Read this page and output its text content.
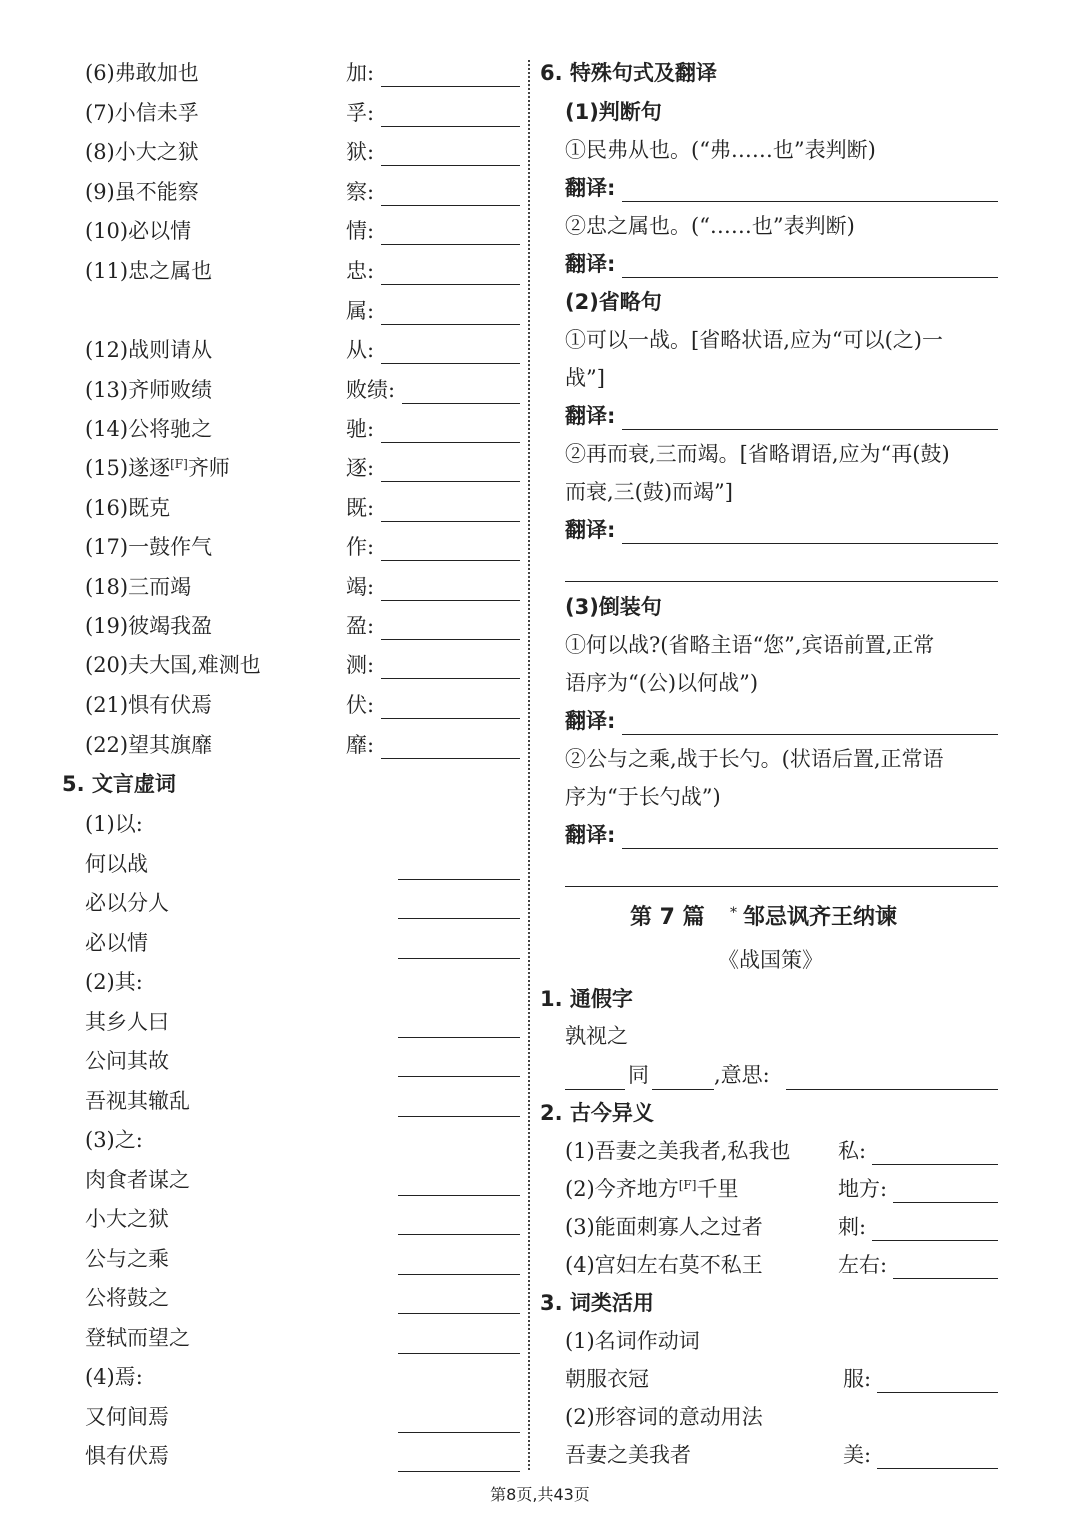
第8页,共43页
(6)弗敢加也	加:
(7)小信未孚	孚:
(8)小大之狱	狱:
(9)虽不能察	察:
(10)必以情	情:
(11)忠之属也	忠:
属:
(12)战则请从	从:
(13)齐师败绩	败绩:
(14)公将驰之	驰:
(15)遂逐[F]齐师	逐:
(16)既克	既:
(17)一鼓作气	作:
(18)三而竭	竭:
(19)彼竭我盈	盈:
(20)夫大国,难测也	测:
(21)惧有伏焉	伏:
(22)望其旗靡	靡:
5. 文言虚词
(1)以:
何以战
必以分人
必以情
(2)其:
其乡人曰
公问其故
吾视其辙乱
(3)之:
肉食者谋之
小大之狱
公与之乘
公将鼓之
登轼而望之
(4)焉:
又何间焉
惧有伏焉
6. 特殊句式及翻译
(1)判断句
①民弗从也。(“弗……也”表判断)
翻译:
②忠之属也。(“……也”表判断)
翻译:
(2)省略句
①可以一战。[省略状语,应为“可以(之)一
战”]
翻译:
②再而衰,三而竭。[省略谓语,应为“再(鼓)
而衰,三(鼓)而竭”]
翻译:
(3)倒装句
①何以战?(省略主语“您”,宾语前置,正常
语序为“(公)以何战”)
翻译:
②公与之乘,战于长勺。(状语后置,正常语
序为“于长勺战”)
翻译:
第 7 篇 * 邹忌讽齐王纳谏
《战国策》
1. 通假字
孰视之
同	,意思:
2. 古今异义
(1)吾妻之美我者,私我也 私:
(2)今齐地方[F]千里	地方:
(3)能面刺寡人之过者	刺:
(4)宫妇左右莫不私王	左右:
3. 词类活用
(1)名词作动词
朝服衣冠	服:
(2)形容词的意动用法
吾妻之美我者	美:
